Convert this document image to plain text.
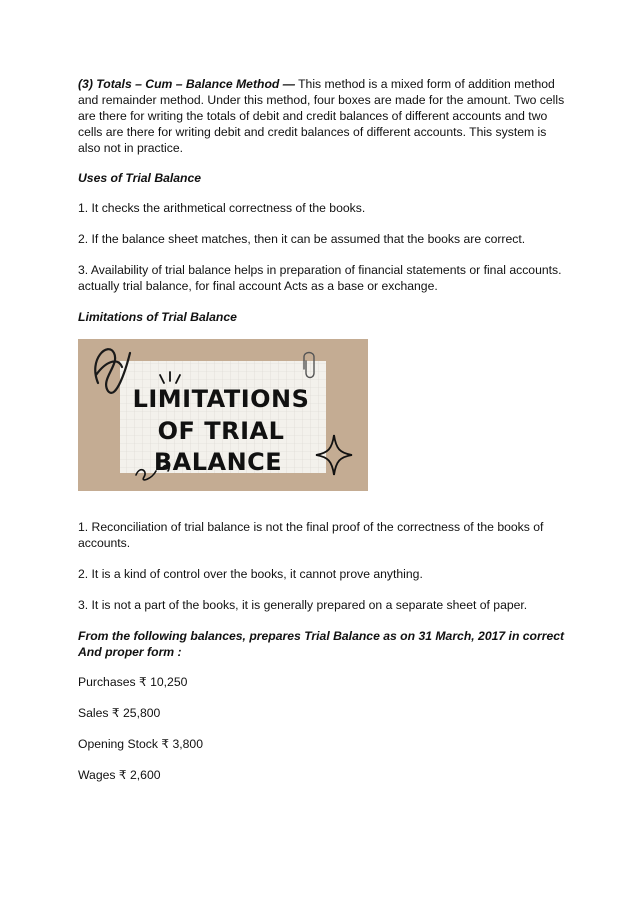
(3) Totals – Cum – Balance Method — This method is a mixed form of addition method and remainder method. Under this method, four boxes are made for the amount. Two cells are there for writing the totals of debit and credit balances of different accounts and two cells are there for writing debit and credit balances of different accounts. This system is also not in practice.

Uses of Trial Balance

1. It checks the arithmetical correctness of the books.

2. If the balance sheet matches, then it can be assumed that the books are correct.

3. Availability of trial balance helps in preparation of financial statements or final accounts. actually trial balance, for final account Acts as a base or exchange.

Limitations of Trial Balance

LIMITATIONS
OF TRIAL
BALANCE

1. Reconciliation of trial balance is not the final proof of the correctness of the books of accounts.

2. It is a kind of control over the books, it cannot prove anything.

3. It is not a part of the books, it is generally prepared on a separate sheet of paper.

From the following balances, prepares Trial Balance as on 31 March, 2017 in correct And proper form :

Purchases ₹ 10,250

Sales ₹ 25,800

Opening Stock ₹ 3,800

Wages ₹ 2,600
